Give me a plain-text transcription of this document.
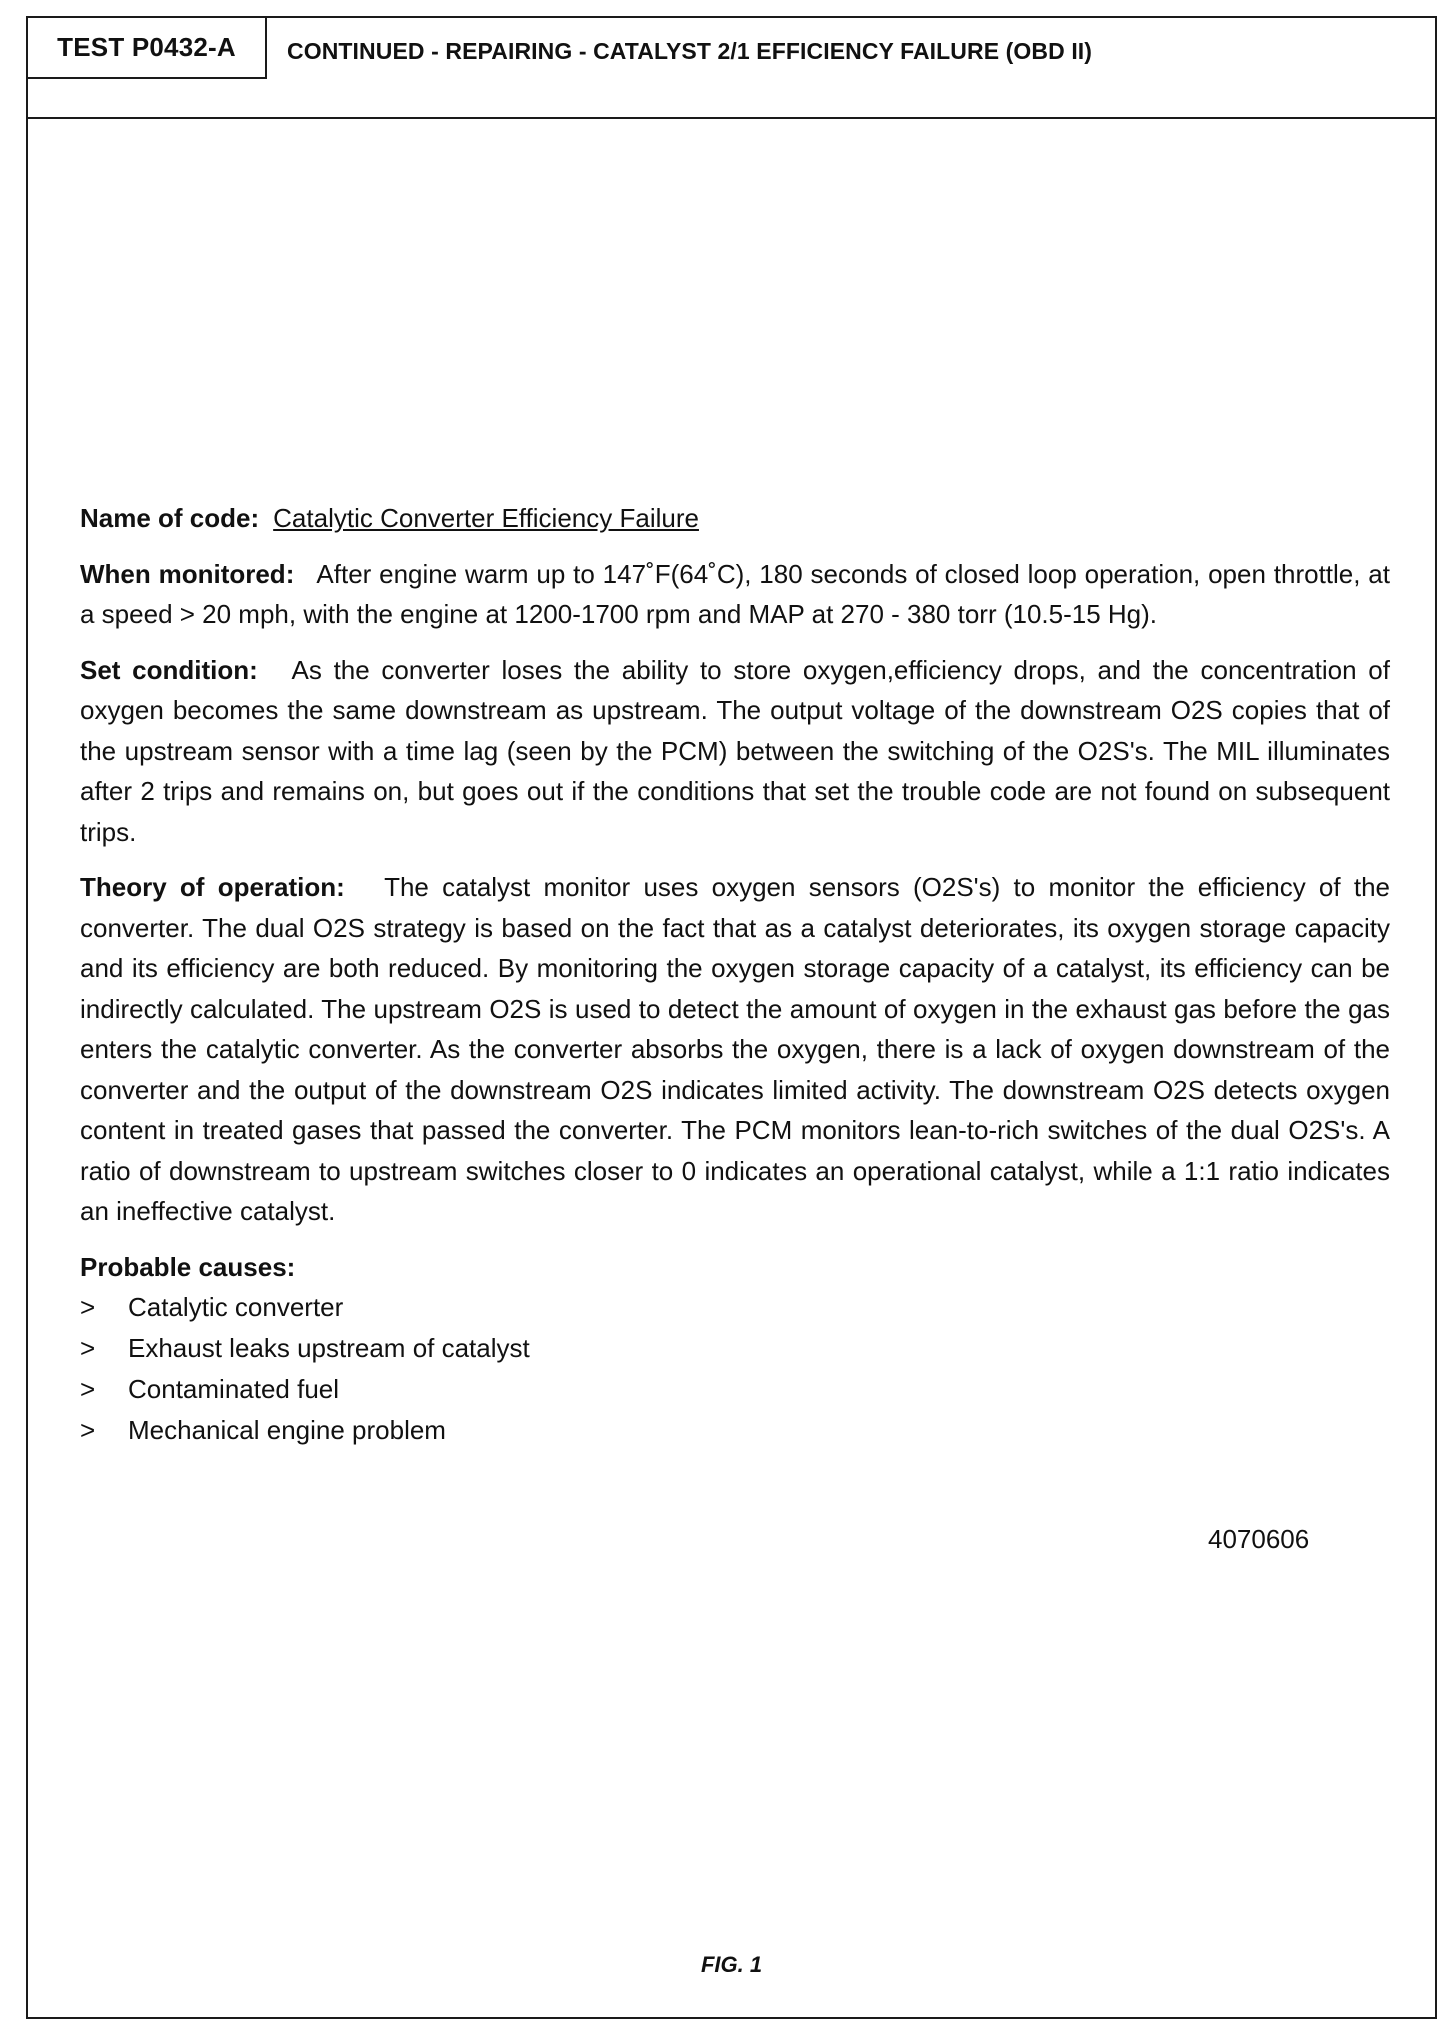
TEST P0432-A	CONTINUED - REPAIRING - CATALYST 2/1 EFFICIENCY FAILURE (OBD II)

Name of code: Catalytic Converter Efficiency Failure

When monitored: After engine warm up to 147˚F(64˚C), 180 seconds of closed loop operation, open throttle, at a speed > 20 mph, with the engine at 1200-1700 rpm and MAP at 270 - 380 torr (10.5-15 Hg).

Set condition: As the converter loses the ability to store oxygen,efficiency drops, and the concentration of oxygen becomes the same downstream as upstream. The output voltage of the downstream O2S copies that of the upstream sensor with a time lag (seen by the PCM) between the switching of the O2S's. The MIL illuminates after 2 trips and remains on, but goes out if the conditions that set the trouble code are not found on subsequent trips.

Theory of operation: The catalyst monitor uses oxygen sensors (O2S's) to monitor the efficiency of the converter. The dual O2S strategy is based on the fact that as a catalyst deteriorates, its oxygen storage capacity and its efficiency are both reduced. By monitoring the oxygen storage capacity of a catalyst, its efficiency can be indirectly calculated. The upstream O2S is used to detect the amount of oxygen in the exhaust gas before the gas enters the catalytic converter. As the converter absorbs the oxygen, there is a lack of oxygen downstream of the converter and the output of the downstream O2S indicates limited activity. The downstream O2S detects oxygen content in treated gases that passed the converter. The PCM monitors lean-to-rich switches of the dual O2S's. A ratio of downstream to upstream switches closer to 0 indicates an operational catalyst, while a 1:1 ratio indicates an ineffective catalyst.

Probable causes:
> Catalytic converter
> Exhaust leaks upstream of catalyst
> Contaminated fuel
> Mechanical engine problem
4070606
FIG. 1
